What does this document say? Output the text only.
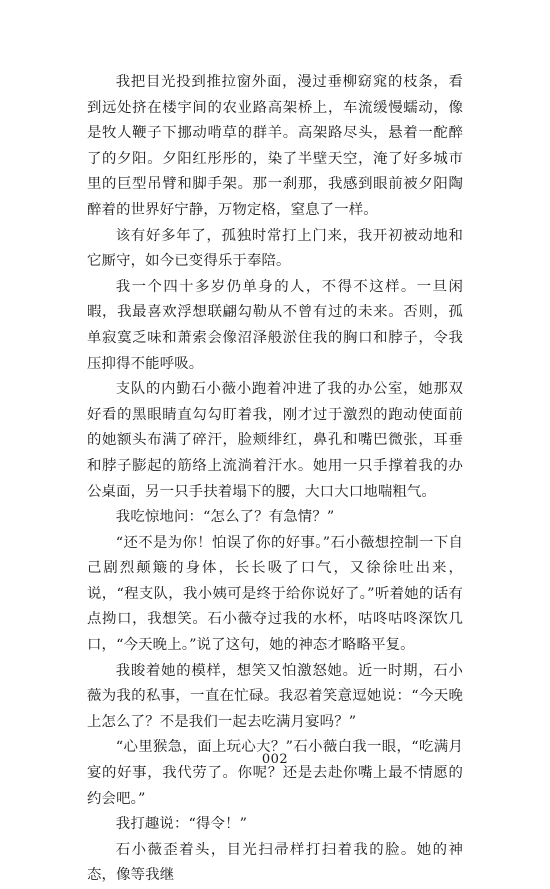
我把目光投到推拉窗外面，漫过垂柳窈窕的枝条，看到远处挤在楼宇间的农业路高架桥上，车流缓慢蠕动，像是牧人鞭子下挪动啃草的群羊。高架路尽头，悬着一酡醉了的夕阳。夕阳红彤彤的，染了半壁天空，淹了好多城市里的巨型吊臂和脚手架。那一刹那，我感到眼前被夕阳陶醉着的世界好宁静，万物定格，窒息了一样。

该有好多年了，孤独时常打上门来，我开初被动地和它厮守，如今已变得乐于奉陪。

我一个四十多岁仍单身的人，不得不这样。一旦闲暇，我最喜欢浮想联翩勾勒从不曾有过的未来。否则，孤单寂寞乏味和萧索会像沼泽般淤住我的胸口和脖子，令我压抑得不能呼吸。

支队的内勤石小薇小跑着冲进了我的办公室，她那双好看的黑眼睛直勾勾盯着我，刚才过于激烈的跑动使面前的她额头布满了碎汗，脸颊绯红，鼻孔和嘴巴微张，耳垂和脖子膨起的筋络上流淌着汗水。她用一只手撑着我的办公桌面，另一只手扶着塌下的腰，大口大口地喘粗气。

我吃惊地问：“怎么了？有急情？”

“还不是为你！怕误了你的好事。”石小薇想控制一下自己剧烈颠簸的身体，长长吸了口气，又徐徐吐出来，说，“程支队，我小姨可是终于给你说好了。”听着她的话有点拗口，我想笑。石小薇夺过我的水杯，咕咚咕咚深饮几口，“今天晚上。”说了这句，她的神态才略略平复。

我睃着她的模样，想笑又怕激怒她。近一时期，石小薇为我的私事，一直在忙碌。我忍着笑意逗她说：“今天晚上怎么了？不是我们一起去吃满月宴吗？”

“心里猴急，面上玩心大？”石小薇白我一眼，“吃满月宴的好事，我代劳了。你呢？还是去赴你嘴上最不情愿的约会吧。”

我打趣说：“得令！”

石小薇歪着头，目光扫帚样打扫着我的脸。她的神态，像等我继

002
